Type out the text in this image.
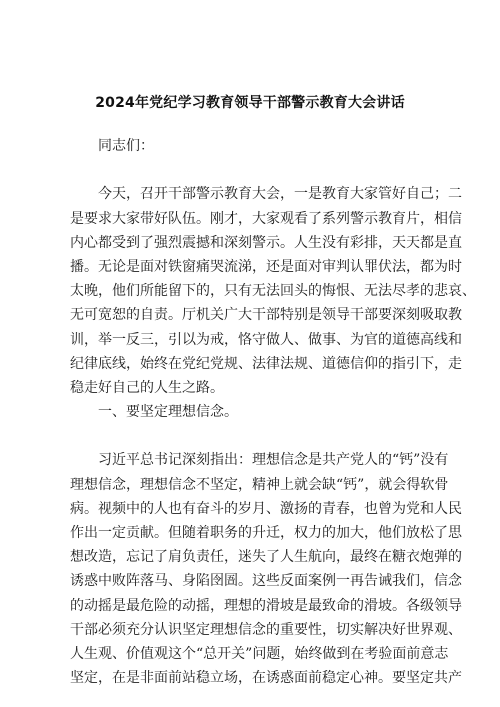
2024年党纪学习教育领导干部警示教育大会讲话
同志们：
今天，召开干部警示教育大会，一是教育大家管好自己；二
是要求大家带好队伍。刚才，大家观看了系列警示教育片，相信
内心都受到了强烈震撼和深刻警示。人生没有彩排，天天都是直
播。无论是面对铁窗痛哭流涕，还是面对审判认罪伏法，都为时
太晚，他们所能留下的，只有无法回头的悔恨、无法尽孝的悲哀、
无可宽恕的自责。厅机关广大干部特别是领导干部要深刻吸取教
训，举一反三，引以为戒，恪守做人、做事、为官的道德高线和
纪律底线，始终在党纪党规、法律法规、道德信仰的指引下，走
稳走好自己的人生之路。
一、要坚定理想信念。
习近平总书记深刻指出：理想信念是共产党人的“钙”没有
理想信念，理想信念不坚定，精神上就会缺“钙”，就会得软骨
病。视频中的人也有奋斗的岁月、激扬的青春，也曾为党和人民
作出一定贡献。但随着职务的升迁，权力的加大，他们放松了思
想改造，忘记了肩负责任，迷失了人生航向，最终在糖衣炮弹的
诱惑中败阵落马、身陷囹圄。这些反面案例一再告诫我们，信念
的动摇是最危险的动摇，理想的滑坡是最致命的滑坡。各级领导
干部必须充分认识坚定理想信念的重要性，切实解决好世界观、
人生观、价值观这个“总开关”问题，始终做到在考验面前意志
坚定，在是非面前站稳立场，在诱惑面前稳定心神。要坚定共产
